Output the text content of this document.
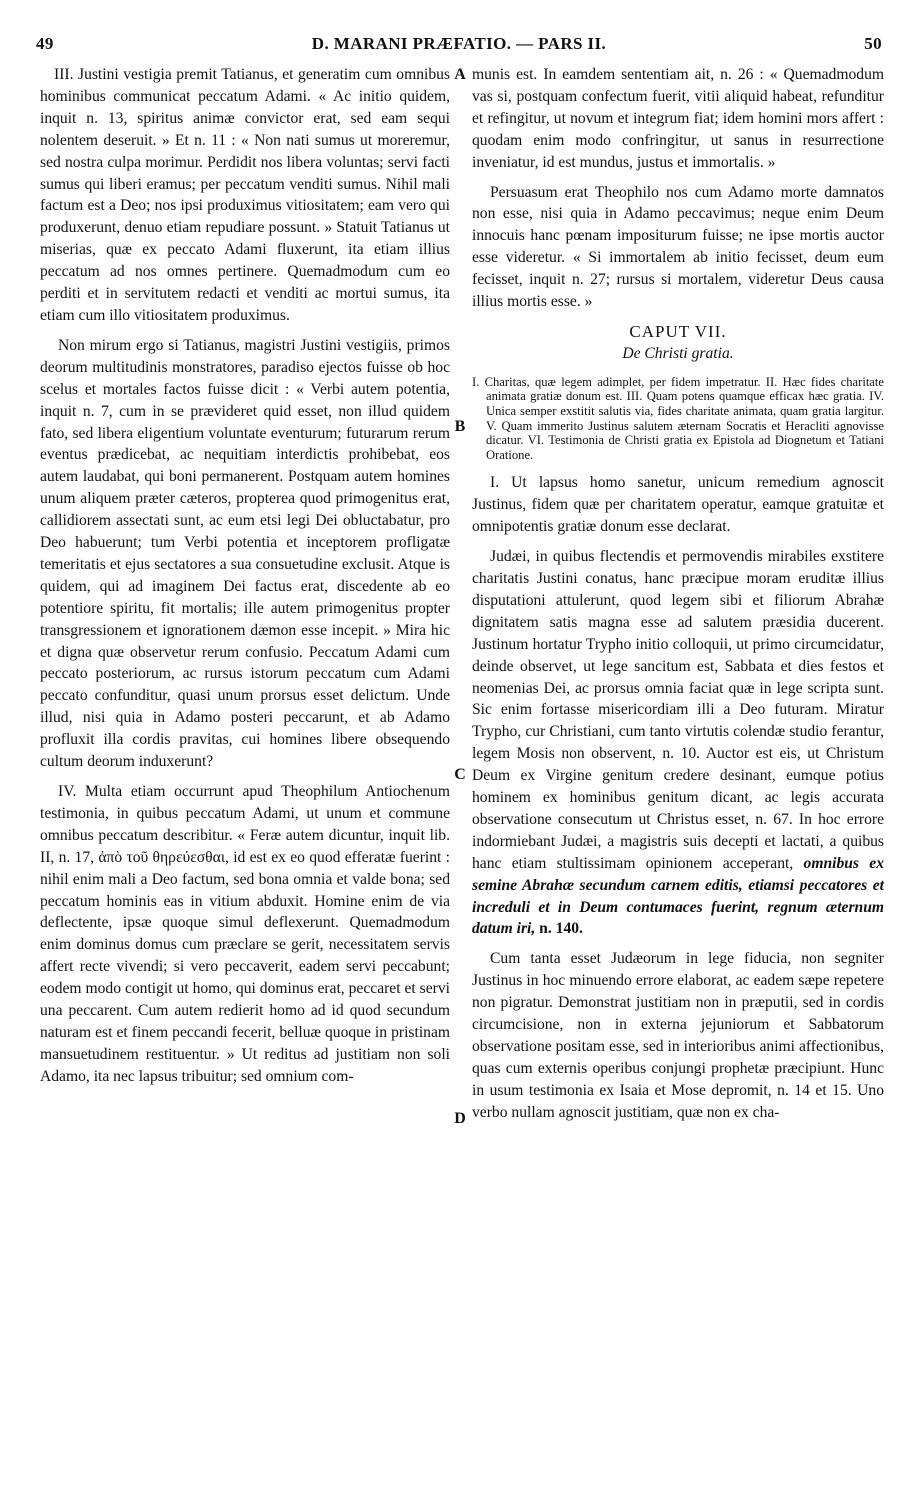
49	D. MARANI PRÆFATIO. — PARS II.	50
A
B
C
D

III. Justini vestigia premit Tatianus, et generatim cum omnibus hominibus communicat peccatum Adami. « Ac initio quidem, inquit n. 13, spiritus animæ convictor erat, sed eam sequi nolentem deseruit. » Et n. 11 : « Non nati sumus ut moreremur, sed nostra culpa morimur. Perdidit nos libera voluntas; servi facti sumus qui liberi eramus; per peccatum venditi sumus. Nihil mali factum est a Deo; nos ipsi produximus vitiositatem; eam vero qui produxerunt, denuo etiam repudiare possunt. » Statuit Tatianus ut miserias, quæ ex peccato Adami fluxerunt, ita etiam illius peccatum ad nos omnes pertinere. Quemadmodum cum eo perditi et in servitutem redacti et venditi ac mortui sumus, ita etiam cum illo vitiositatem produximus.

Non mirum ergo si Tatianus, magistri Justini vestigiis, primos deorum multitudinis monstratores, paradiso ejectos fuisse ob hoc scelus et mortales factos fuisse dicit : « Verbi autem potentia, inquit n. 7, cum in se prævideret quid esset, non illud quidem fato, sed libera eligentium voluntate eventurum; futurarum rerum eventus prædicebat, ac nequitiam interdictis prohibebat, eos autem laudabat, qui boni permanerent. Postquam autem homines unum aliquem præter cæteros, propterea quod primogenitus erat, callidiorem assectati sunt, ac eum etsi legi Dei obluctabatur, pro Deo habuerunt; tum Verbi potentia et inceptorem profligatæ temeritatis et ejus sectatores a sua consuetudine exclusit. Atque is quidem, qui ad imaginem Dei factus erat, discedente ab eo potentiore spiritu, fit mortalis; ille autem primogenitus propter transgressionem et ignorationem dæmon esse incepit. » Mira hic et digna quæ observetur rerum confusio. Peccatum Adami cum peccato posteriorum, ac rursus istorum peccatum cum Adami peccato confunditur, quasi unum prorsus esset delictum. Unde illud, nisi quia in Adamo posteri peccarunt, et ab Adamo profluxit illa cordis pravitas, cui homines libere obsequendo cultum deorum induxerunt?

IV. Multa etiam occurrunt apud Theophilum Antiochenum testimonia, in quibus peccatum Adami, ut unum et commune omnibus peccatum describitur. « Feræ autem dicuntur, inquit lib. II, n. 17, ἀπὸ τοῦ θηρεύεσθαι, id est ex eo quod efferatæ fuerint : nihil enim mali a Deo factum, sed bona omnia et valde bona; sed peccatum hominis eas in vitium abduxit. Homine enim de via deflectente, ipsæ quoque simul deflexerunt. Quemadmodum enim dominus domus cum præclare se gerit, necessitatem servis affert recte vivendi; si vero peccaverit, eadem servi peccabunt; eodem modo contigit ut homo, qui dominus erat, peccaret et servi una peccarent. Cum autem redierit homo ad id quod secundum naturam est et finem peccandi fecerit, belluæ quoque in pristinam mansuetudinem restituentur. » Ut reditus ad justitiam non soli Adamo, ita nec lapsus tribuitur; sed omnium com-

munis est. In eamdem sententiam ait, n. 26 : « Quemadmodum vas si, postquam confectum fuerit, vitii aliquid habeat, refunditur et refingitur, ut novum et integrum fiat; idem homini mors affert : quodam enim modo confringitur, ut sanus in resurrectione inveniatur, id est mundus, justus et immortalis. »

Persuasum erat Theophilo nos cum Adamo morte damnatos non esse, nisi quia in Adamo peccavimus; neque enim Deum innocuis hanc pœnam impositurum fuisse; ne ipse mortis auctor esse videretur. « Si immortalem ab initio fecisset, deum eum fecisset, inquit n. 27; rursus si mortalem, videretur Deus causa illius mortis esse. »

CAPUT VII.
De Christi gratia.
I. Charitas, quæ legem adimplet, per fidem impetratur. II. Hæc fides charitate animata gratiæ donum est. III. Quam potens quamque efficax hæc gratia. IV. Unica semper exstitit salutis via, fides charitate animata, quam gratia largitur. V. Quam immerito Justinus salutem æternam Socratis et Heracliti agnovisse dicatur. VI. Testimonia de Christi gratia ex Epistola ad Diognetum et Tatiani Oratione.

I. Ut lapsus homo sanetur, unicum remedium agnoscit Justinus, fidem quæ per charitatem operatur, eamque gratuitæ et omnipotentis gratiæ donum esse declarat.

Judæi, in quibus flectendis et permovendis mirabiles exstitere charitatis Justini conatus, hanc præcipue moram eruditæ illius disputationi attulerunt, quod legem sibi et filiorum Abrahæ dignitatem satis magna esse ad salutem præsidia ducerent. Justinum hortatur Trypho initio colloquii, ut primo circumcidatur, deinde observet, ut lege sancitum est, Sabbata et dies festos et neomenias Dei, ac prorsus omnia faciat quæ in lege scripta sunt. Sic enim fortasse misericordiam illi a Deo futuram. Miratur Trypho, cur Christiani, cum tanto virtutis colendæ studio ferantur, legem Mosis non observent, n. 10. Auctor est eis, ut Christum Deum ex Virgine genitum credere desinant, eumque potius hominem ex hominibus genitum dicant, ac legis accurata observatione consecutum ut Christus esset, n. 67. In hoc errore indormiebant Judæi, a magistris suis decepti et lactati, a quibus hanc etiam stultissimam opinionem acceperant, omnibus ex semine Abrahæ secundum carnem editis, etiamsi peccatores et increduli et in Deum contumaces fuerint, regnum æternum datum iri, n. 140.

Cum tanta esset Judæorum in lege fiducia, non segniter Justinus in hoc minuendo errore elaborat, ac eadem sæpe repetere non pigratur. Demonstrat justitiam non in præputii, sed in cordis circumcisione, non in externa jejuniorum et Sabbatorum observatione positam esse, sed in interioribus animi affectionibus, quas cum externis operibus conjungi prophetæ præcipiunt. Hunc in usum testimonia ex Isaia et Mose depromit, n. 14 et 15. Uno verbo nullam agnoscit justitiam, quæ non ex cha-
